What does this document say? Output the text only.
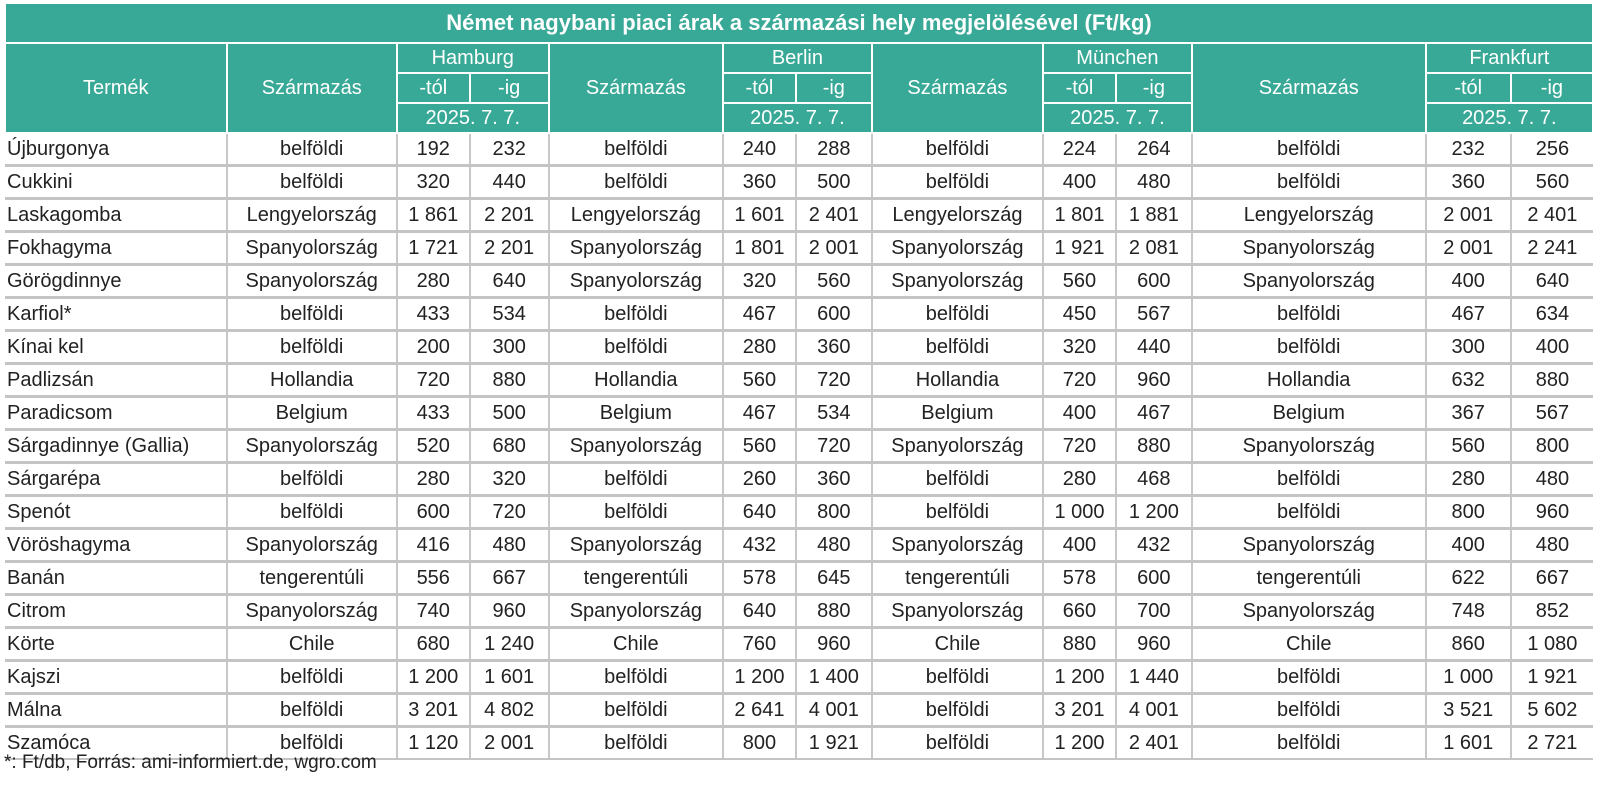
Német nagybani piaci árak a származási hely megjelölésével (Ft/kg)												
Termék	Származás	Hamburg		Származás	Berlin		Származás	München		Származás	Frankfurt	
		-tól	-ig		-tól	-ig		-tól	-ig		-tól	-ig
		2025. 7. 7.			2025. 7. 7.			2025. 7. 7.			2025. 7. 7.	
Újburgonya	belföldi	192	232	belföldi	240	288	belföldi	224	264	belföldi	232	256
Cukkini	belföldi	320	440	belföldi	360	500	belföldi	400	480	belföldi	360	560
Laskagomba	Lengyelország	1 861	2 201	Lengyelország	1 601	2 401	Lengyelország	1 801	1 881	Lengyelország	2 001	2 401
Fokhagyma	Spanyolország	1 721	2 201	Spanyolország	1 801	2 001	Spanyolország	1 921	2 081	Spanyolország	2 001	2 241
Görögdinnye	Spanyolország	280	640	Spanyolország	320	560	Spanyolország	560	600	Spanyolország	400	640
Karfiol*	belföldi	433	534	belföldi	467	600	belföldi	450	567	belföldi	467	634
Kínai kel	belföldi	200	300	belföldi	280	360	belföldi	320	440	belföldi	300	400
Padlizsán	Hollandia	720	880	Hollandia	560	720	Hollandia	720	960	Hollandia	632	880
Paradicsom	Belgium	433	500	Belgium	467	534	Belgium	400	467	Belgium	367	567
Sárgadinnye (Gallia)	Spanyolország	520	680	Spanyolország	560	720	Spanyolország	720	880	Spanyolország	560	800
Sárgarépa	belföldi	280	320	belföldi	260	360	belföldi	280	468	belföldi	280	480
Spenót	belföldi	600	720	belföldi	640	800	belföldi	1 000	1 200	belföldi	800	960
Vöröshagyma	Spanyolország	416	480	Spanyolország	432	480	Spanyolország	400	432	Spanyolország	400	480
Banán	tengerentúli	556	667	tengerentúli	578	645	tengerentúli	578	600	tengerentúli	622	667
Citrom	Spanyolország	740	960	Spanyolország	640	880	Spanyolország	660	700	Spanyolország	748	852
Körte	Chile	680	1 240	Chile	760	960	Chile	880	960	Chile	860	1 080
Kajszi	belföldi	1 200	1 601	belföldi	1 200	1 400	belföldi	1 200	1 440	belföldi	1 000	1 921
Málna	belföldi	3 201	4 802	belföldi	2 641	4 001	belföldi	3 201	4 001	belföldi	3 521	5 602
Szamóca	belföldi	1 120	2 001	belföldi	800	1 921	belföldi	1 200	2 401	belföldi	1 601	2 721
*: Ft/db, Forrás: ami-informiert.de, wgro.com
